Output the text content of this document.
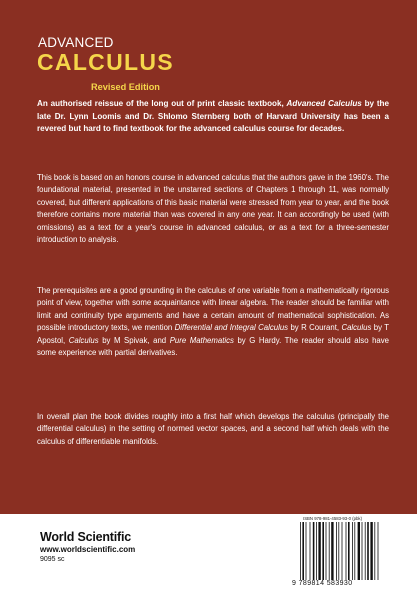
ADVANCED
CALCULUS
Revised Edition

An authorised reissue of the long out of print classic textbook, Advanced Calculus by the late Dr. Lynn Loomis and Dr. Shlomo Sternberg both of Harvard University has been a revered but hard to find textbook for the advanced calculus course for decades.

This book is based on an honors course in advanced calculus that the authors gave in the 1960's. The foundational material, presented in the unstarred sections of Chapters 1 through 11, was normally covered, but different applications of this basic material were stressed from year to year, and the book therefore contains more material than was covered in any one year. It can accordingly be used (with omissions) as a text for a year's course in advanced calculus, or as a text for a three-semester introduction to analysis.

The prerequisites are a good grounding in the calculus of one variable from a mathematically rigorous point of view, together with some acquaintance with linear algebra. The reader should be familiar with limit and continuity type arguments and have a certain amount of mathematical sophistication. As possible introductory texts, we mention Differential and Integral Calculus by R Courant, Calculus by T Apostol, Calculus by M Spivak, and Pure Mathematics by G Hardy. The reader should also have some experience with partial derivatives.

In overall plan the book divides roughly into a first half which develops the calculus (principally the differential calculus) in the setting of normed vector spaces, and a second half which deals with the calculus of differentiable manifolds.

World Scientific
www.worldscientific.com
9095 sc
ISBN 978-981-4583-93-0 (pbk)
9 789814 583930
